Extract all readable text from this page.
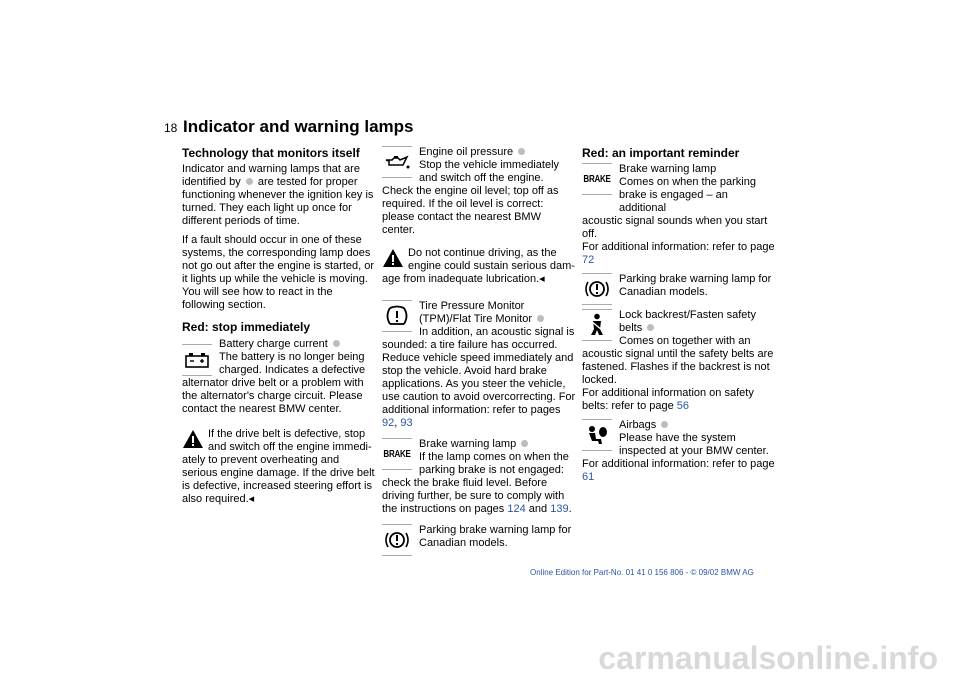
18 Indicator and warning lamps
Technology that monitors itself

Indicator and warning lamps that are identified by are tested for proper functioning whenever the ignition key is turned. They each light up once for different periods of time.

If a fault should occur in one of these systems, the corresponding lamp does not go out after the engine is started, or it lights up while the vehicle is moving. You will see how to react in the following section.

Red: stop immediately
Battery charge current
The battery is no longer being charged. Indicates a defective
alternator drive belt or a problem with the alternator's charge circuit. Please contact the nearest BMW center.
If the drive belt is defective, stop and switch off the engine immedi-
ately to prevent overheating and serious engine damage. If the drive belt is defective, increased steering effort is also required.◂
Engine oil pressure
Stop the vehicle immediately and switch off the engine.
Check the engine oil level; top off as required. If the oil level is correct: please contact the nearest BMW center.
Do not continue driving, as the engine could sustain serious dam-
age from inadequate lubrication.◂
Tire Pressure Monitor (TPM)/Flat Tire Monitor
In addition, an acoustic signal is
sounded: a tire failure has occurred. Reduce vehicle speed immediately and stop the vehicle. Avoid hard brake applications. As you steer the vehicle, use caution to avoid overcorrecting. For additional information: refer to pages 92, 93
BRAKE
Brake warning lamp
If the lamp comes on when the parking brake is not engaged:
check the brake fluid level. Before driving further, be sure to comply with the instructions on pages 124 and 139.
Parking brake warning lamp for Canadian models.
Red: an important reminder
BRAKE
Brake warning lamp
Comes on when the parking brake is engaged – an additional
acoustic signal sounds when you start off.
For additional information: refer to page 72
Parking brake warning lamp for Canadian models.
Lock backrest/Fasten safety belts
Comes on together with an
acoustic signal until the safety belts are fastened. Flashes if the backrest is not locked.
For additional information on safety belts: refer to page 56
Airbags
Please have the system inspected at your BMW center.
For additional information: refer to page
61
Online Edition for Part-No. 01 41 0 156 806 - © 09/02 BMW AG
carmanualsonline.info
